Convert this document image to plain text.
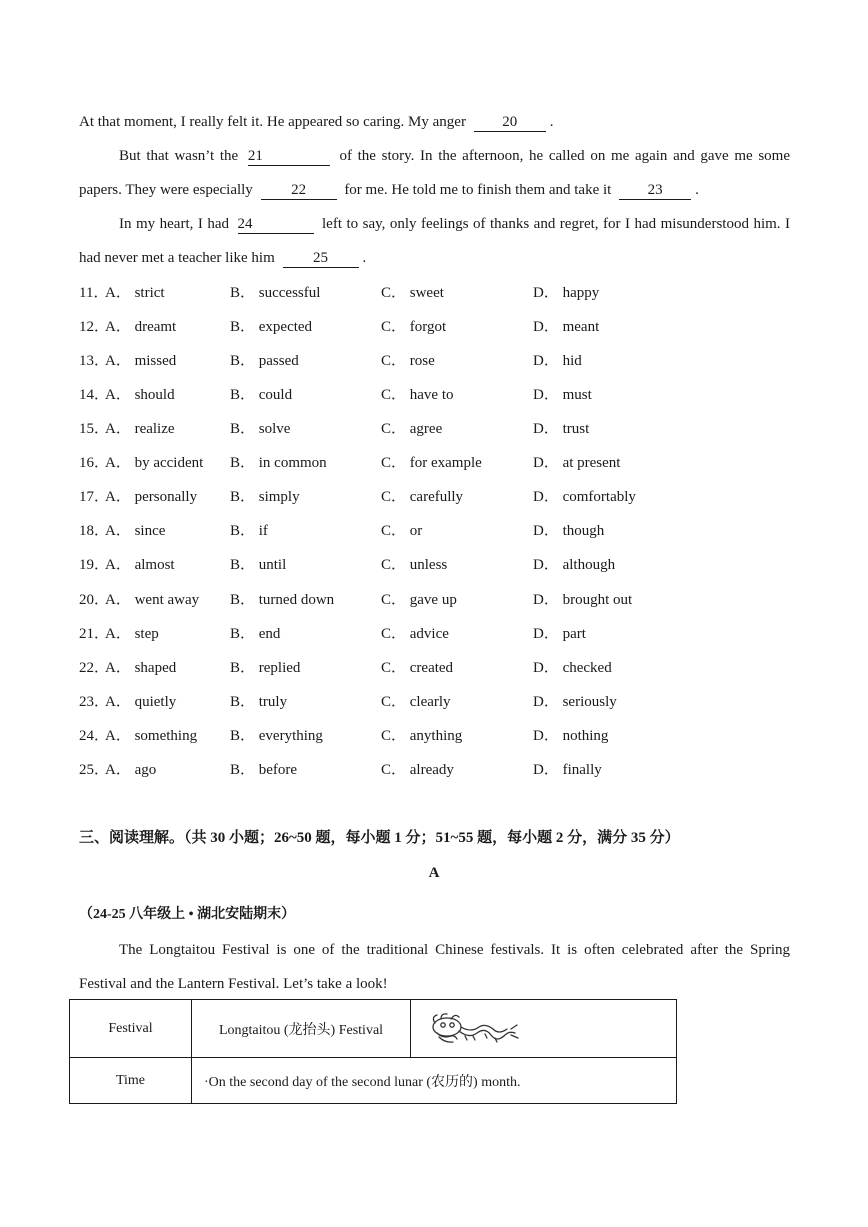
At that moment, I really felt it. He appeared so caring. My anger 20 .
But that wasn’t the 21	of the story. In the afternoon, he called on me again and gave me some
papers. They were especially	22	for me. He told me to finish them and take it 23 .
In my heart, I had 24	left to say, only feelings of thanks and regret, for I had misunderstood him. I
had never met a teacher like him	25 .
11．
A． strict	B． successful	C． sweet	D． happy
12．
A． dreamt	B． expected	C． forgot	D． meant
13．
A． missed	B． passed	C． rose	D． hid
14．
A． should	B． could	C． have to	D． must
15．
A． realize	B． solve	C． agree	D． trust
16．
A． by accident B． in common	C． for example	D． at present
17．
A． personally B． simply	C． carefully	D． comfortably
18．
A． since	B． if	C． or	D． though
19．
A． almost	B． until	C． unless	D． although
20．
A． went away B． turned down	C． gave up	D． brought out
21．
A． step	B． end	C． advice	D． part
22．
A． shaped	B． replied	C． created	D． checked
23．
A． quietly	B． truly	C． clearly	D． seriously
24．
A． something B． everything	C． anything	D． nothing
25．
A． ago	B． before	C． already	D． finally
三、阅读理解。（共 30 小题；26~50 题，每小题 1 分；51~55 题，每小题 2 分，满分 35 分）
A
（24-25 八年级上 • 湖北安陆期末）
The Longtaitou Festival is one of the traditional Chinese festivals. It is often celebrated after the Spring
Festival and the Lantern Festival. Let’s take a look!
Festival	Longtaitou (龙抬头) Festival	

Time	·On the second day of the second lunar (农历的) month.	
